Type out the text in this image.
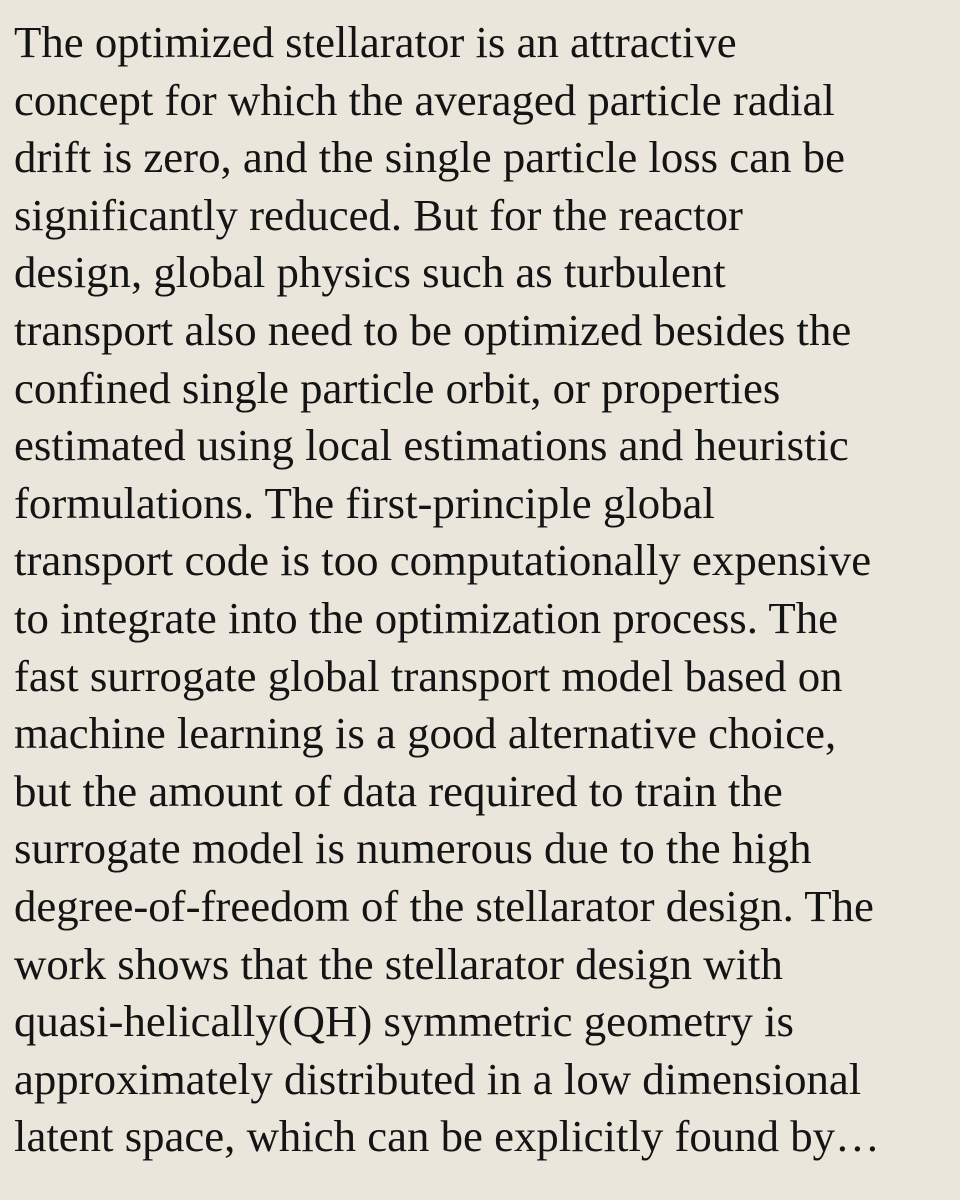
The optimized stellarator is an attractive
concept for which the averaged particle radial
drift is zero, and the single particle loss can be
significantly reduced. But for the reactor
design, global physics such as turbulent
transport also need to be optimized besides the
confined single particle orbit, or properties
estimated using local estimations and heuristic
formulations. The first-principle global
transport code is too computationally expensive
to integrate into the optimization process. The
fast surrogate global transport model based on
machine learning is a good alternative choice,
but the amount of data required to train the
surrogate model is numerous due to the high
degree-of-freedom of the stellarator design. The
work shows that the stellarator design with
quasi-helically(QH) symmetric geometry is
approximately distributed in a low dimensional
latent space, which can be explicitly found by…
